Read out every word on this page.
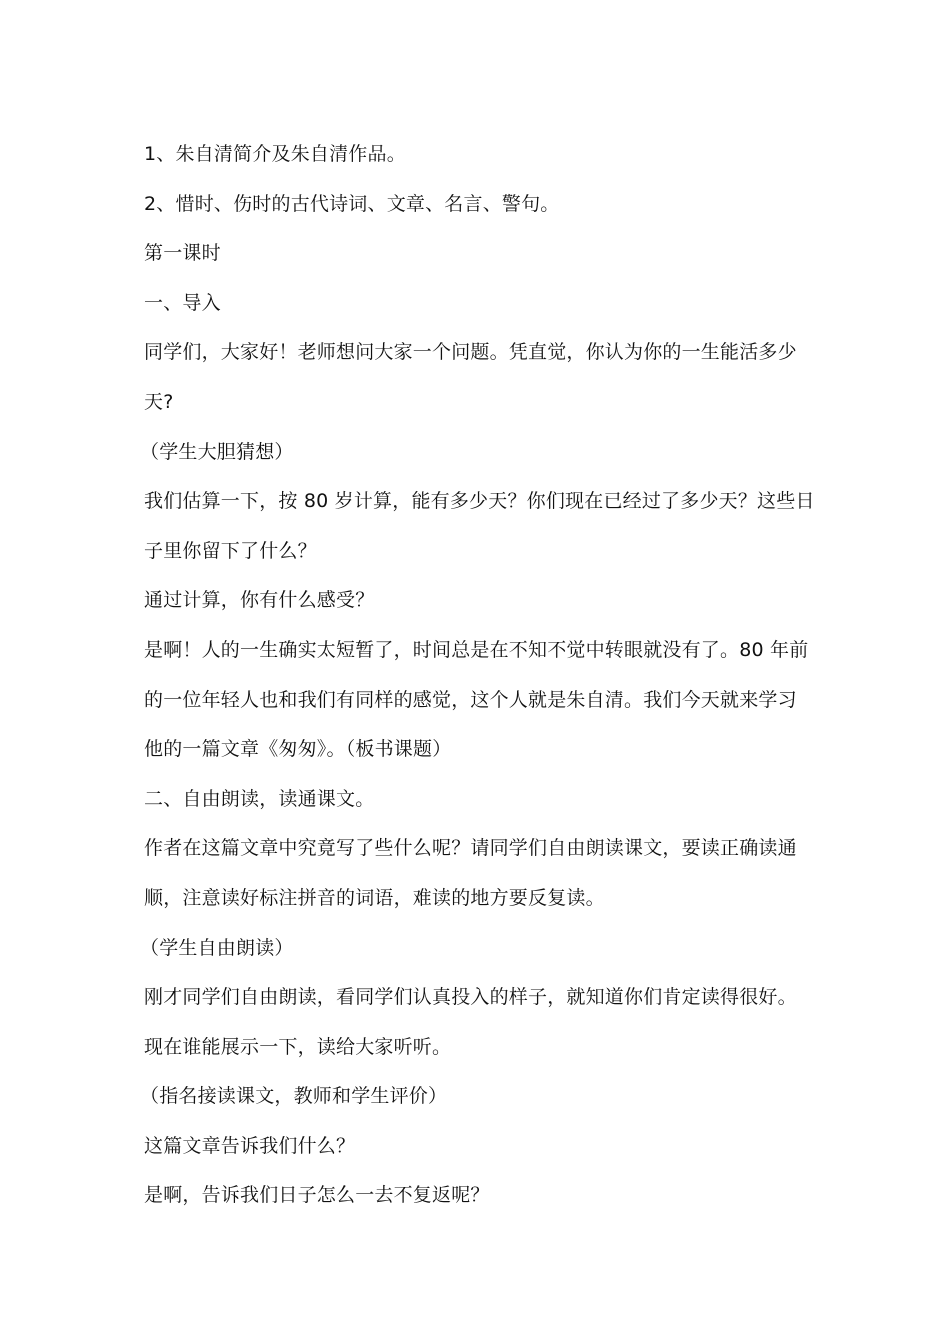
1、朱自清简介及朱自清作品。
2、惜时、伤时的古代诗词、文章、名言、警句。
第一课时
一、导入
同学们，大家好！老师想问大家一个问题。凭直觉，你认为你的一生能活多少
天?
（学生大胆猜想）
我们估算一下，按 80 岁计算，能有多少天？你们现在已经过了多少天？这些日
子里你留下了什么？
通过计算，你有什么感受？
是啊！人的一生确实太短暂了，时间总是在不知不觉中转眼就没有了。80 年前
的一位年轻人也和我们有同样的感觉，这个人就是朱自清。我们今天就来学习
他的一篇文章《匆匆》。（板书课题）
二、自由朗读，读通课文。
作者在这篇文章中究竟写了些什么呢？请同学们自由朗读课文，要读正确读通
顺，注意读好标注拼音的词语，难读的地方要反复读。
（学生自由朗读）
刚才同学们自由朗读，看同学们认真投入的样子，就知道你们肯定读得很好。
现在谁能展示一下，读给大家听听。
（指名接读课文，教师和学生评价）
这篇文章告诉我们什么？
是啊，告诉我们日子怎么一去不复返呢？
